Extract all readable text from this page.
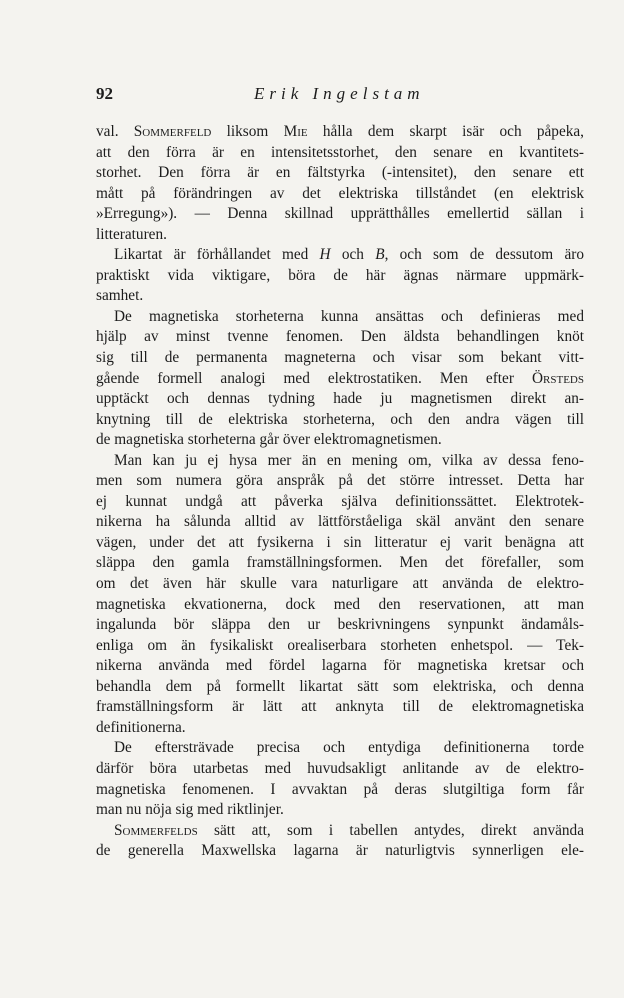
92	Erik Ingelstam
val. Sommerfeld liksom Mie hålla dem skarpt isär och påpeka,
att den förra är en intensitetsstorhet, den senare en kvantitets-
storhet. Den förra är en fältstyrka (-intensitet), den senare ett
mått på förändringen av det elektriska tillståndet (en elektrisk
»Erregung»). — Denna skillnad upprätthålles emellertid sällan i
litteraturen.
Likartat är förhållandet med H och B, och som de dessutom äro
praktiskt vida viktigare, böra de här ägnas närmare uppmärk-
samhet.
De magnetiska storheterna kunna ansättas och definieras med
hjälp av minst tvenne fenomen. Den äldsta behandlingen knöt
sig till de permanenta magneterna och visar som bekant vitt-
gående formell analogi med elektrostatiken. Men efter Örsteds
upptäckt och dennas tydning hade ju magnetismen direkt an-
knytning till de elektriska storheterna, och den andra vägen till
de magnetiska storheterna går över elektromagnetismen.
Man kan ju ej hysa mer än en mening om, vilka av dessa feno-
men som numera göra anspråk på det större intresset. Detta har
ej kunnat undgå att påverka själva definitionssättet. Elektrotek-
nikerna ha sålunda alltid av lättförståeliga skäl använt den senare
vägen, under det att fysikerna i sin litteratur ej varit benägna att
släppa den gamla framställningsformen. Men det förefaller, som
om det även här skulle vara naturligare att använda de elektro-
magnetiska ekvationerna, dock med den reservationen, att man
ingalunda bör släppa den ur beskrivningens synpunkt ändamåls-
enliga om än fysikaliskt orealiserbara storheten enhetspol. — Tek-
nikerna använda med fördel lagarna för magnetiska kretsar och
behandla dem på formellt likartat sätt som elektriska, och denna
framställningsform är lätt att anknyta till de elektromagnetiska
definitionerna.
De eftersträvade precisa och entydiga definitionerna torde
därför böra utarbetas med huvudsakligt anlitande av de elektro-
magnetiska fenomenen. I avvaktan på deras slutgiltiga form får
man nu nöja sig med riktlinjer.
Sommerfelds sätt att, som i tabellen antydes, direkt använda
de generella Maxwellska lagarna är naturligtvis synnerligen ele-
